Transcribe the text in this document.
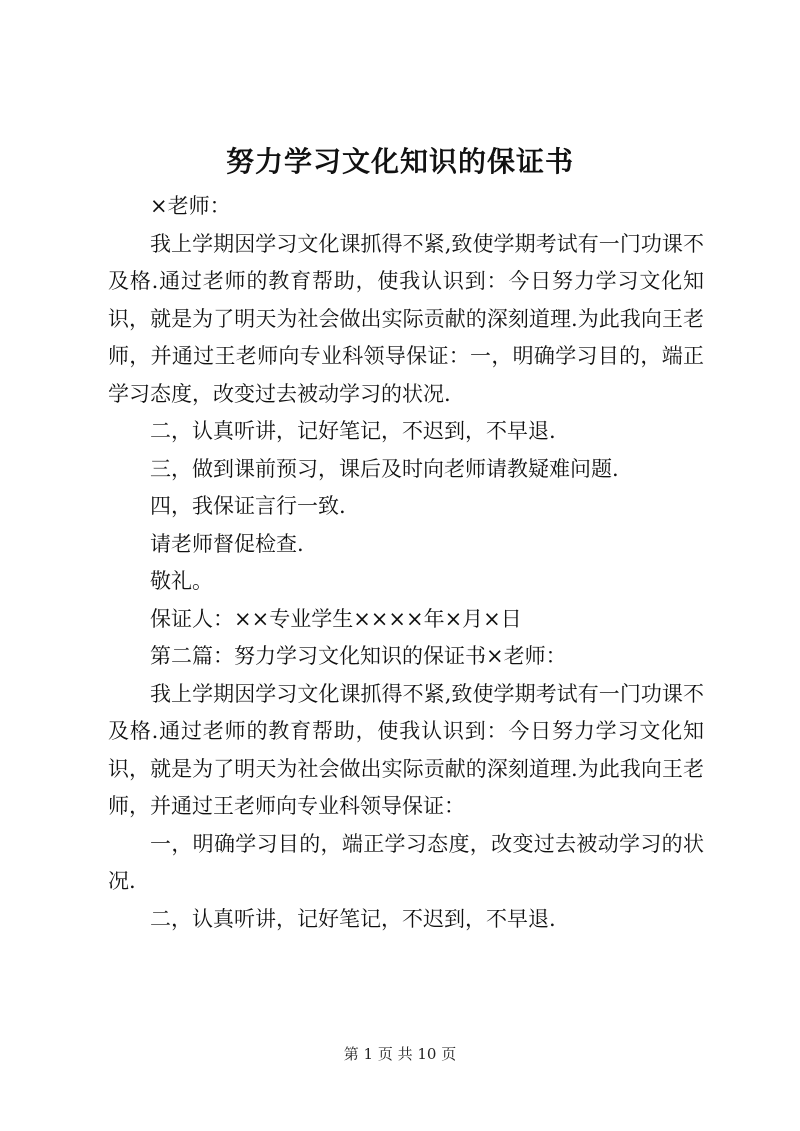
努力学习文化知识的保证书

×老师：

我上学期因学习文化课抓得不紧,致使学期考试有一门功课不及格.通过老师的教育帮助，使我认识到：今日努力学习文化知识，就是为了明天为社会做出实际贡献的深刻道理.为此我向王老师，并通过王老师向专业科领导保证：一，明确学习目的，端正学习态度，改变过去被动学习的状况.

二，认真听讲，记好笔记，不迟到，不早退.

三，做到课前预习，课后及时向老师请教疑难问题.

四，我保证言行一致.

请老师督促检查.

敬礼。

保证人：××专业学生××××年×月×日

第二篇：努力学习文化知识的保证书×老师：

我上学期因学习文化课抓得不紧,致使学期考试有一门功课不及格.通过老师的教育帮助，使我认识到：今日努力学习文化知识，就是为了明天为社会做出实际贡献的深刻道理.为此我向王老师，并通过王老师向专业科领导保证：

一，明确学习目的，端正学习态度，改变过去被动学习的状况.

二，认真听讲，记好笔记，不迟到，不早退.

第 1 页 共 10 页
